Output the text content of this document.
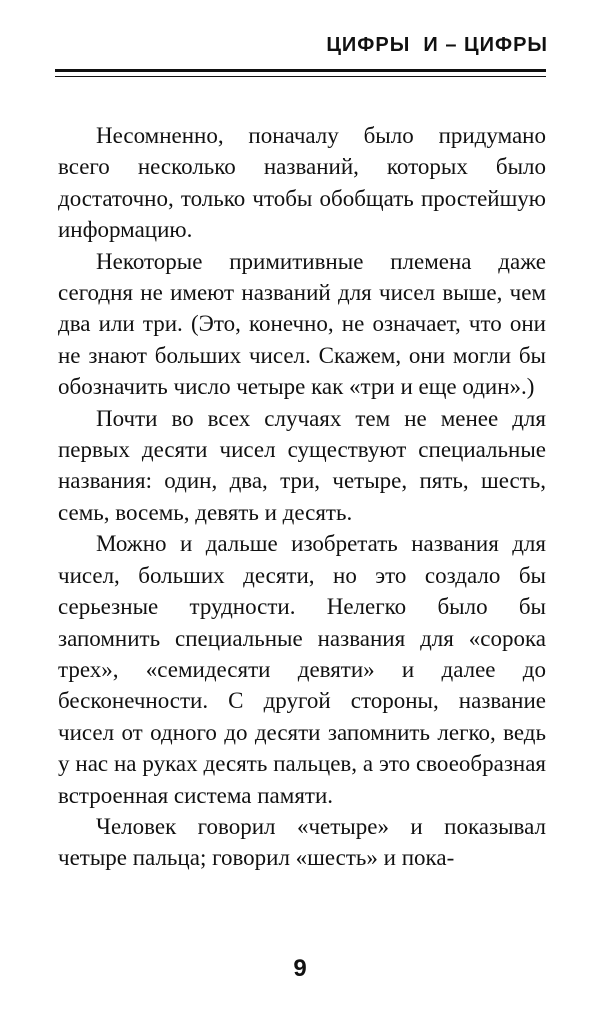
ЦИФРЫ  И – ЦИФРЫ

Несомненно, поначалу было придумано всего несколько названий, которых было достаточно, только чтобы обобщать простейшую информацию.

Некоторые примитивные племена даже сегодня не имеют названий для чисел выше, чем два или три. (Это, конечно, не означает, что они не знают больших чисел. Скажем, они могли бы обозначить число четыре как «три и еще один».)

Почти во всех случаях тем не менее для первых десяти чисел существуют специальные названия: один, два, три, четыре, пять, шесть, семь, восемь, девять и десять.

Можно и дальше изобретать названия для чисел, больших десяти, но это создало бы серьезные трудности. Нелегко было бы запомнить специальные названия для «сорока трех», «семидесяти девяти» и далее до бесконечности. С другой стороны, название чисел от одного до десяти запомнить легко, ведь у нас на руках десять пальцев, а это своеобразная встроенная система памяти.

Человек говорил «четыре» и показывал четыре пальца; говорил «шесть» и пока-

9
